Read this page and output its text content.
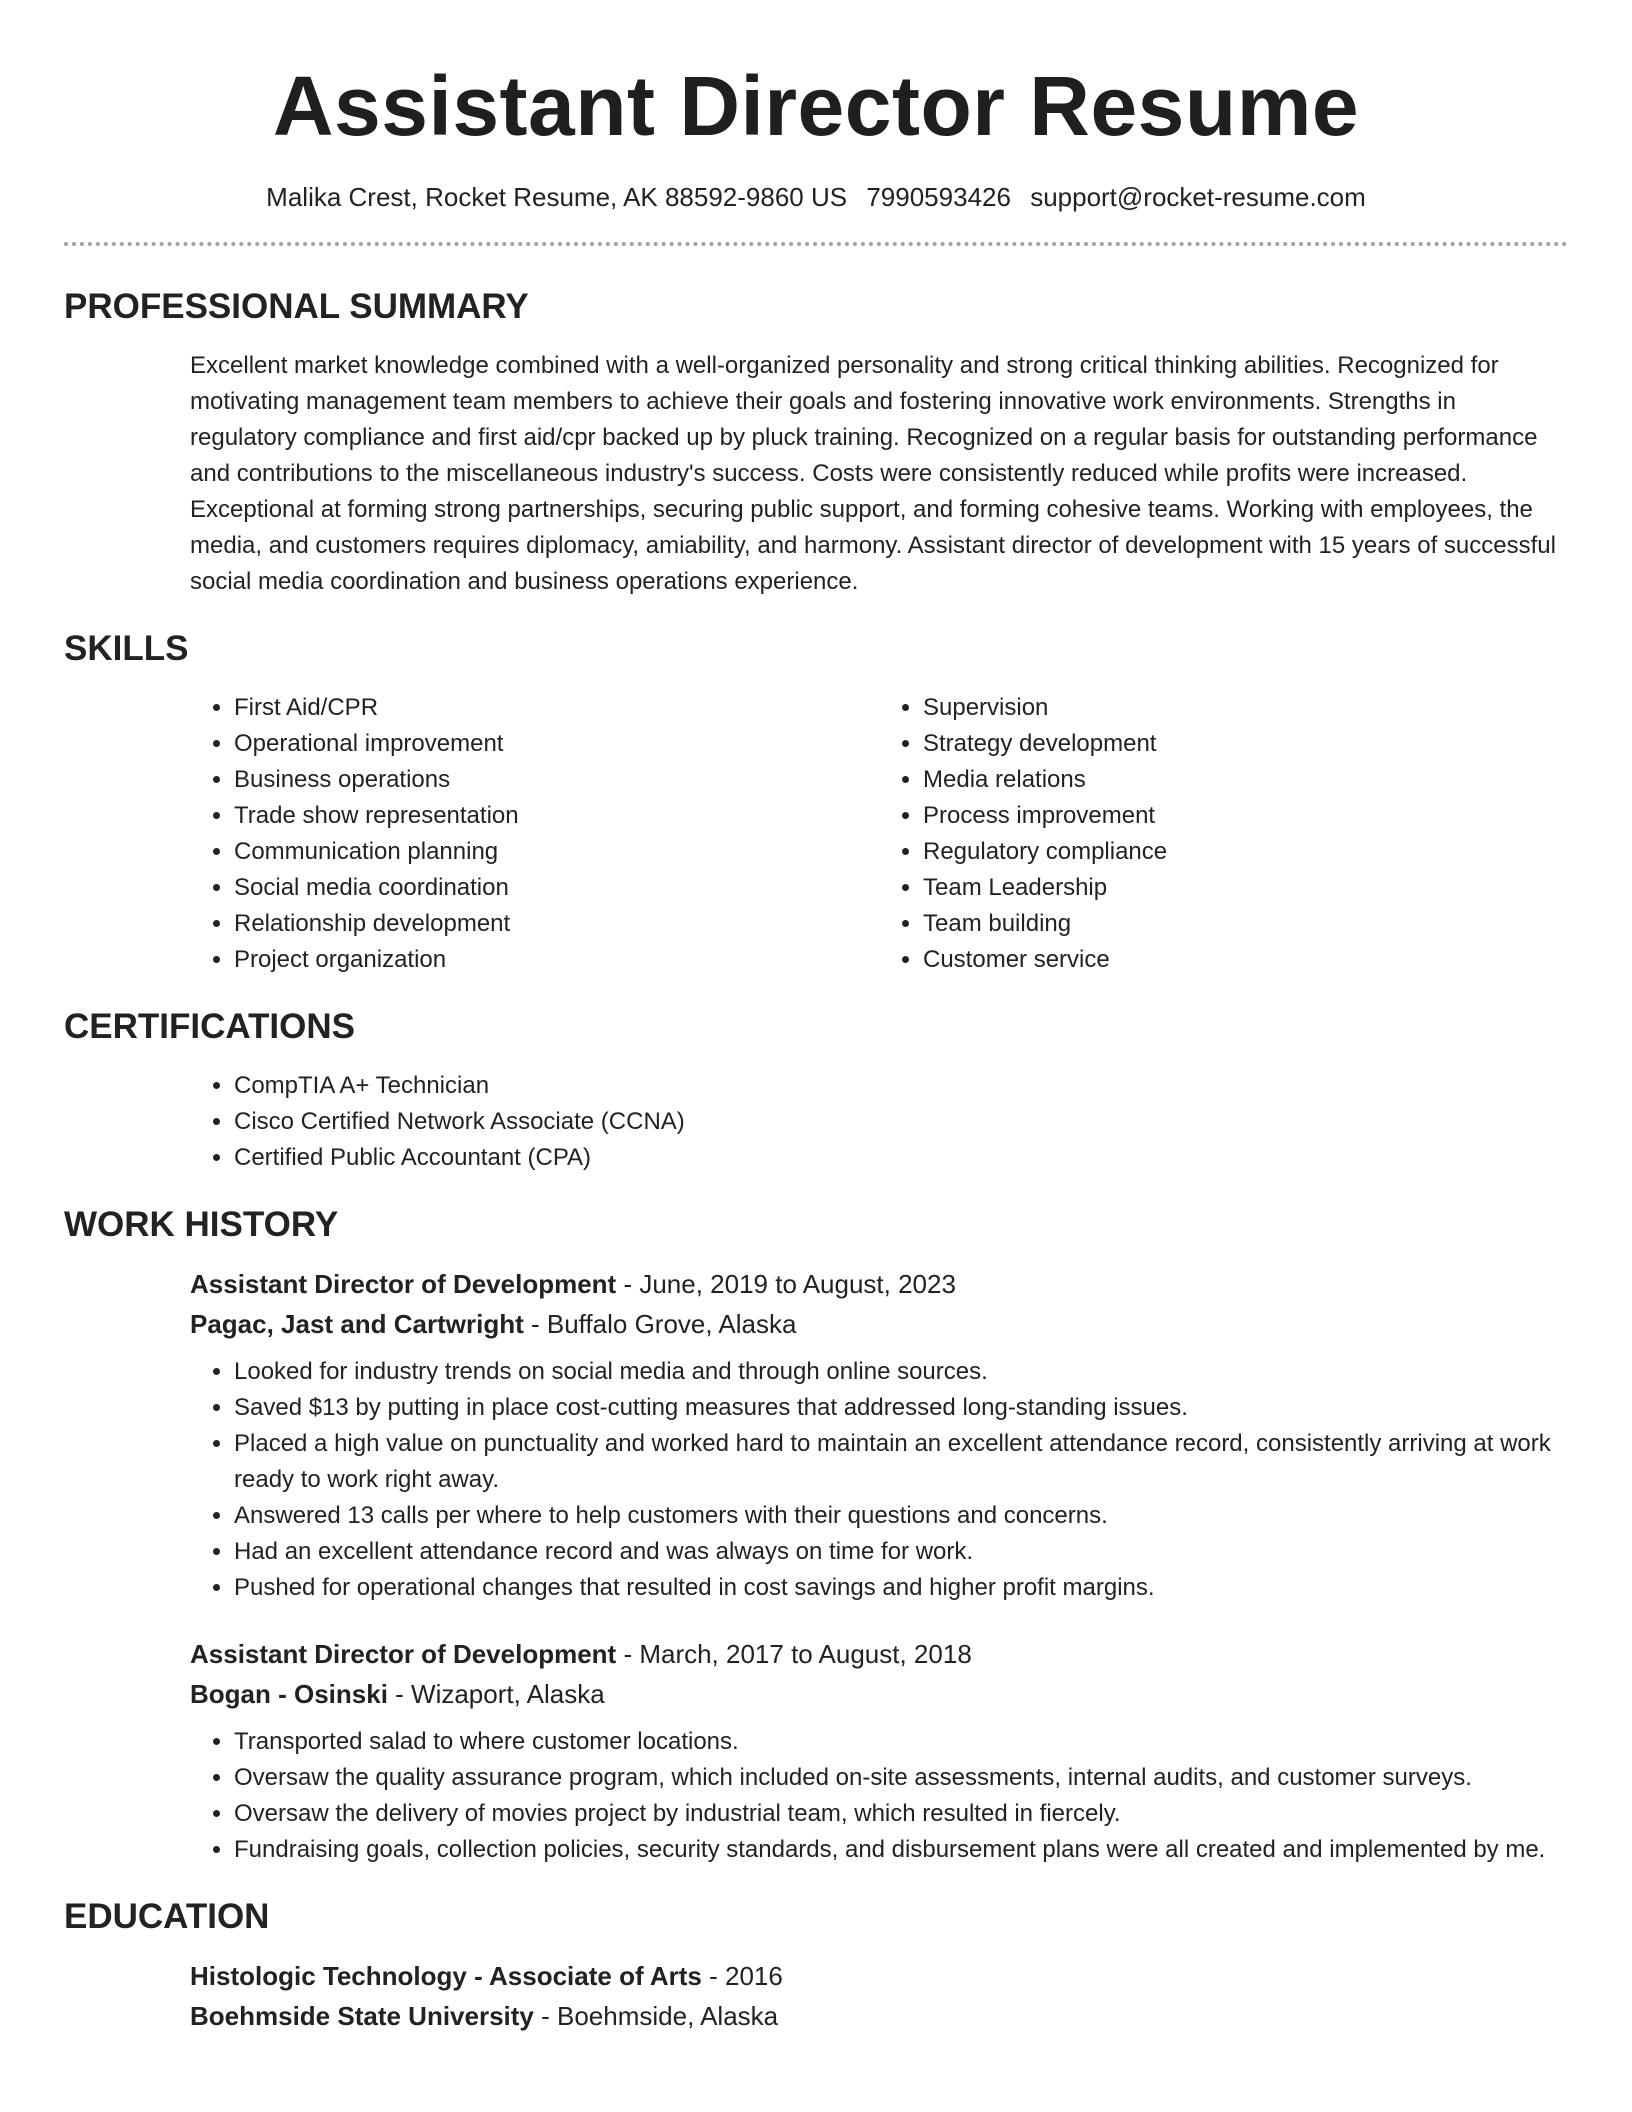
Assistant Director Resume
Malika Crest, Rocket Resume, AK 88592-9860 US 7990593426 support@rocket-resume.com
PROFESSIONAL SUMMARY

Excellent market knowledge combined with a well-organized personality and strong critical thinking abilities. Recognized for motivating management team members to achieve their goals and fostering innovative work environments. Strengths in regulatory compliance and first aid/cpr backed up by pluck training. Recognized on a regular basis for outstanding performance and contributions to the miscellaneous industry's success. Costs were consistently reduced while profits were increased. Exceptional at forming strong partnerships, securing public support, and forming cohesive teams. Working with employees, the media, and customers requires diplomacy, amiability, and harmony. Assistant director of development with 15 years of successful social media coordination and business operations experience.

SKILLS
• First Aid/CPR
• Operational improvement
• Business operations
• Trade show representation
• Communication planning
• Social media coordination
• Relationship development
• Project organization
• Supervision
• Strategy development
• Media relations
• Process improvement
• Regulatory compliance
• Team Leadership
• Team building
• Customer service
CERTIFICATIONS
• CompTIA A+ Technician
• Cisco Certified Network Associate (CCNA)
• Certified Public Accountant (CPA)
WORK HISTORY

Assistant Director of Development - June, 2019 to August, 2023

Pagac, Jast and Cartwright - Buffalo Grove, Alaska

• Looked for industry trends on social media and through online sources.
• Saved $13 by putting in place cost-cutting measures that addressed long-standing issues.
• Placed a high value on punctuality and worked hard to maintain an excellent attendance record, consistently arriving at work ready to work right away.
• Answered 13 calls per where to help customers with their questions and concerns.
• Had an excellent attendance record and was always on time for work.
• Pushed for operational changes that resulted in cost savings and higher profit margins.

Assistant Director of Development - March, 2017 to August, 2018

Bogan - Osinski - Wizaport, Alaska

• Transported salad to where customer locations.
• Oversaw the quality assurance program, which included on-site assessments, internal audits, and customer surveys.
• Oversaw the delivery of movies project by industrial team, which resulted in fiercely.
• Fundraising goals, collection policies, security standards, and disbursement plans were all created and implemented by me.
EDUCATION

Histologic Technology - Associate of Arts - 2016

Boehmside State University - Boehmside, Alaska
